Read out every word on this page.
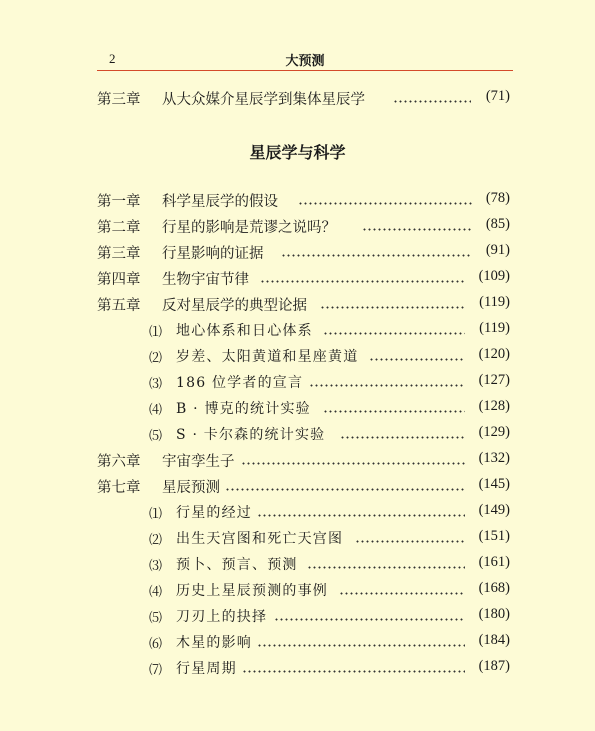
2	大预测
第三章 从大众媒介星辰学到集体星辰学	(71)
星辰学与科学
第一章 科学星辰学的假设	(78)
第二章 行星的影响是荒谬之说吗？	(85)
第三章 行星影响的证据	(91)
第四章 生物宇宙节律	(109)
第五章 反对星辰学的典型论据	(119)
⑴ 地心体系和日心体系	(119)
⑵ 岁差、太阳黄道和星座黄道	(120)
⑶ 186 位学者的宣言	(127)
⑷ B · 博克的统计实验	(128)
⑸ S · 卡尔森的统计实验	(129)
第六章 宇宙孪生子	(132)
第七章 星辰预测	(145)
⑴ 行星的经过	(149)
⑵ 出生天宫图和死亡天宫图	(151)
⑶ 预卜、预言、预测	(161)
⑷ 历史上星辰预测的事例	(168)
⑸ 刀刃上的抉择	(180)
⑹ 木星的影响	(184)
⑺ 行星周期	(187)
